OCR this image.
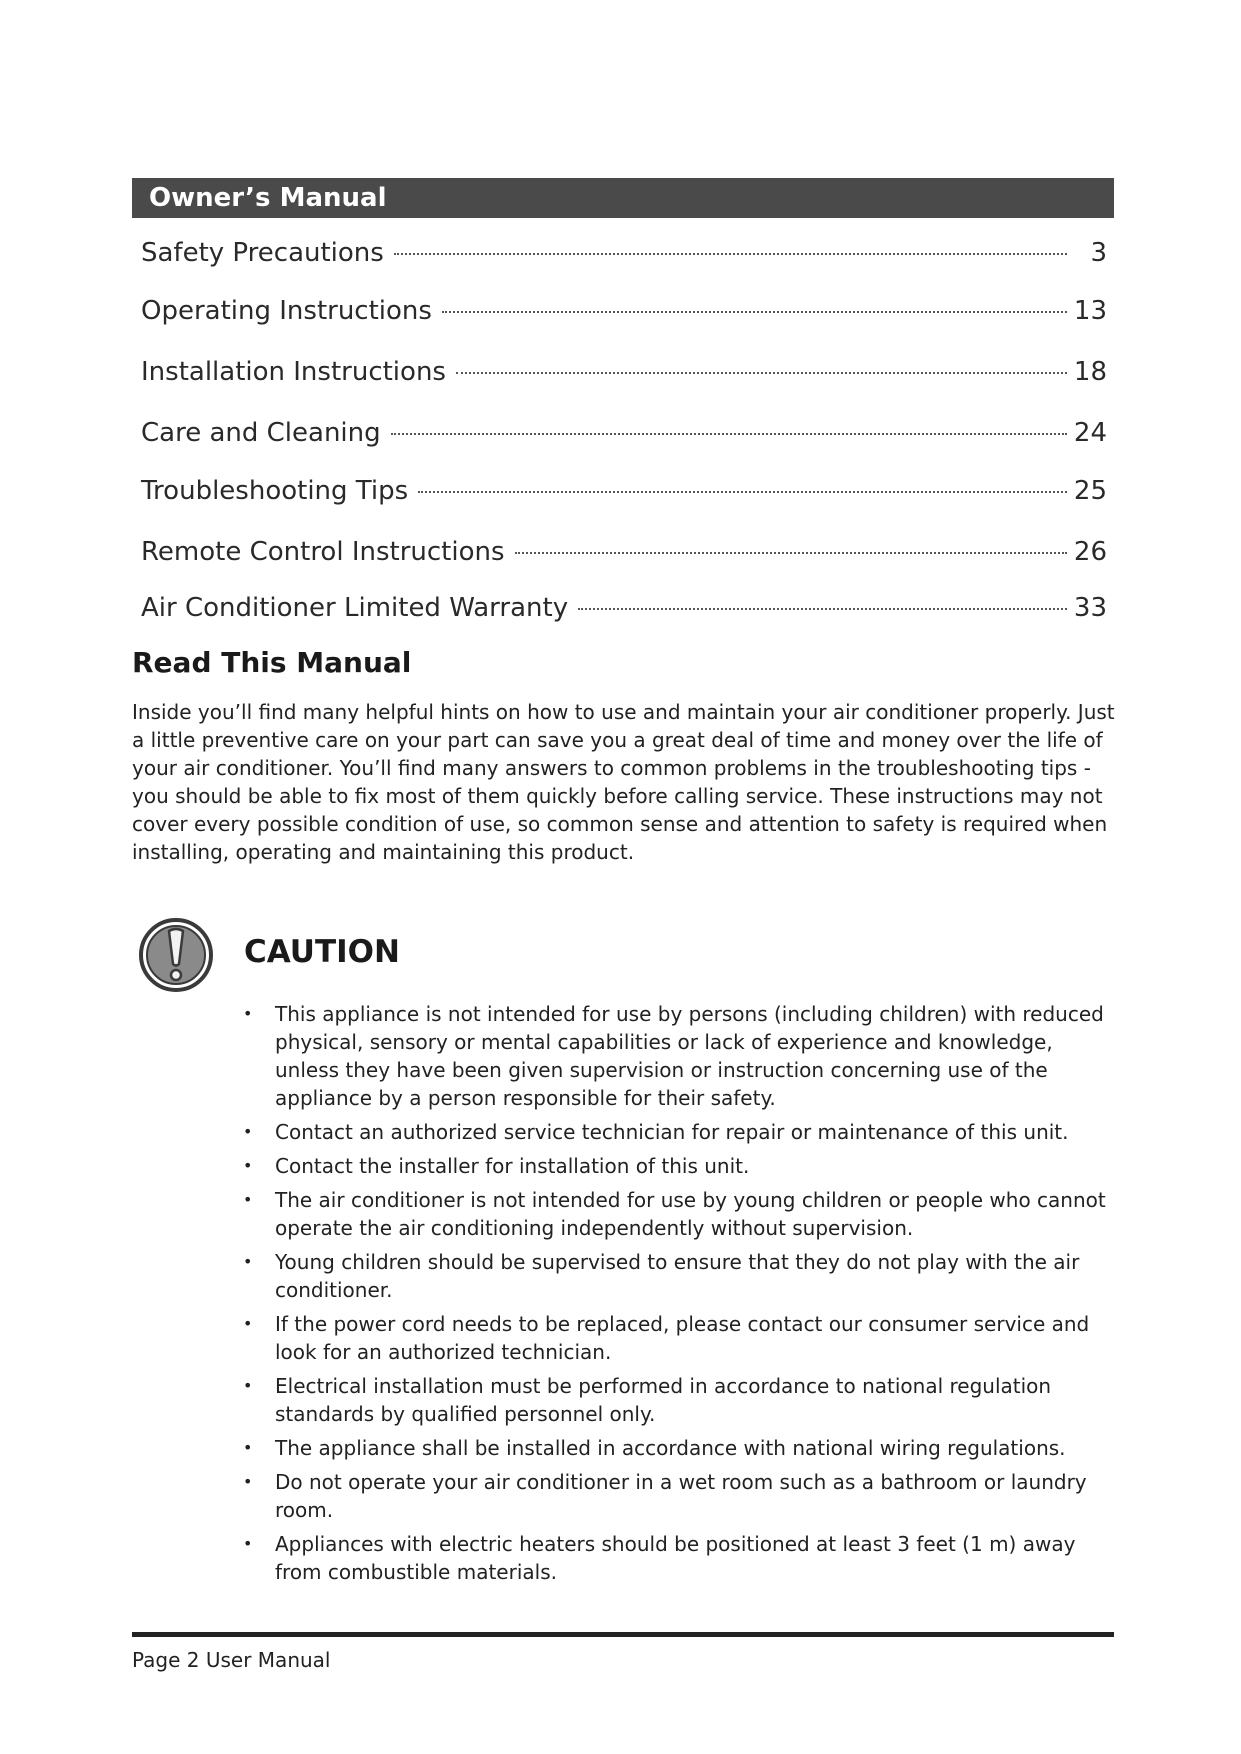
Owner’s Manual
Safety Precautions	3
Operating Instructions	13
Installation Instructions	18
Care and Cleaning	24
Troubleshooting Tips	25
Remote Control Instructions	26
Air Conditioner Limited Warranty	33
Read This Manual

Inside you’ll find many helpful hints on how to use and maintain your air conditioner properly. Just a little preventive care on your part can save you a great deal of time and money over the life of your air conditioner. You’ll find many answers to common problems in the troubleshooting tips - you should be able to fix most of them quickly before calling service. These instructions may not cover every possible condition of use, so common sense and attention to safety is required when installing, operating and maintaining this product.

CAUTION
• This appliance is not intended for use by persons (including children) with reduced physical, sensory or mental capabilities or lack of experience and knowledge, unless they have been given supervision or instruction concerning use of the appliance by a person responsible for their safety.
• Contact an authorized service technician for repair or maintenance of this unit.
• Contact the installer for installation of this unit.
• The air conditioner is not intended for use by young children or people who cannot operate the air conditioning independently without supervision.
• Young children should be supervised to ensure that they do not play with the air conditioner.
• If the power cord needs to be replaced, please contact our consumer service and look for an authorized technician.
• Electrical installation must be performed in accordance to national regulation standards by qualified personnel only.
• The appliance shall be installed in accordance with national wiring regulations.
• Do not operate your air conditioner in a wet room such as a bathroom or laundry room.
• Appliances with electric heaters should be positioned at least 3 feet (1 m) away from combustible materials.
Page 2 User Manual
